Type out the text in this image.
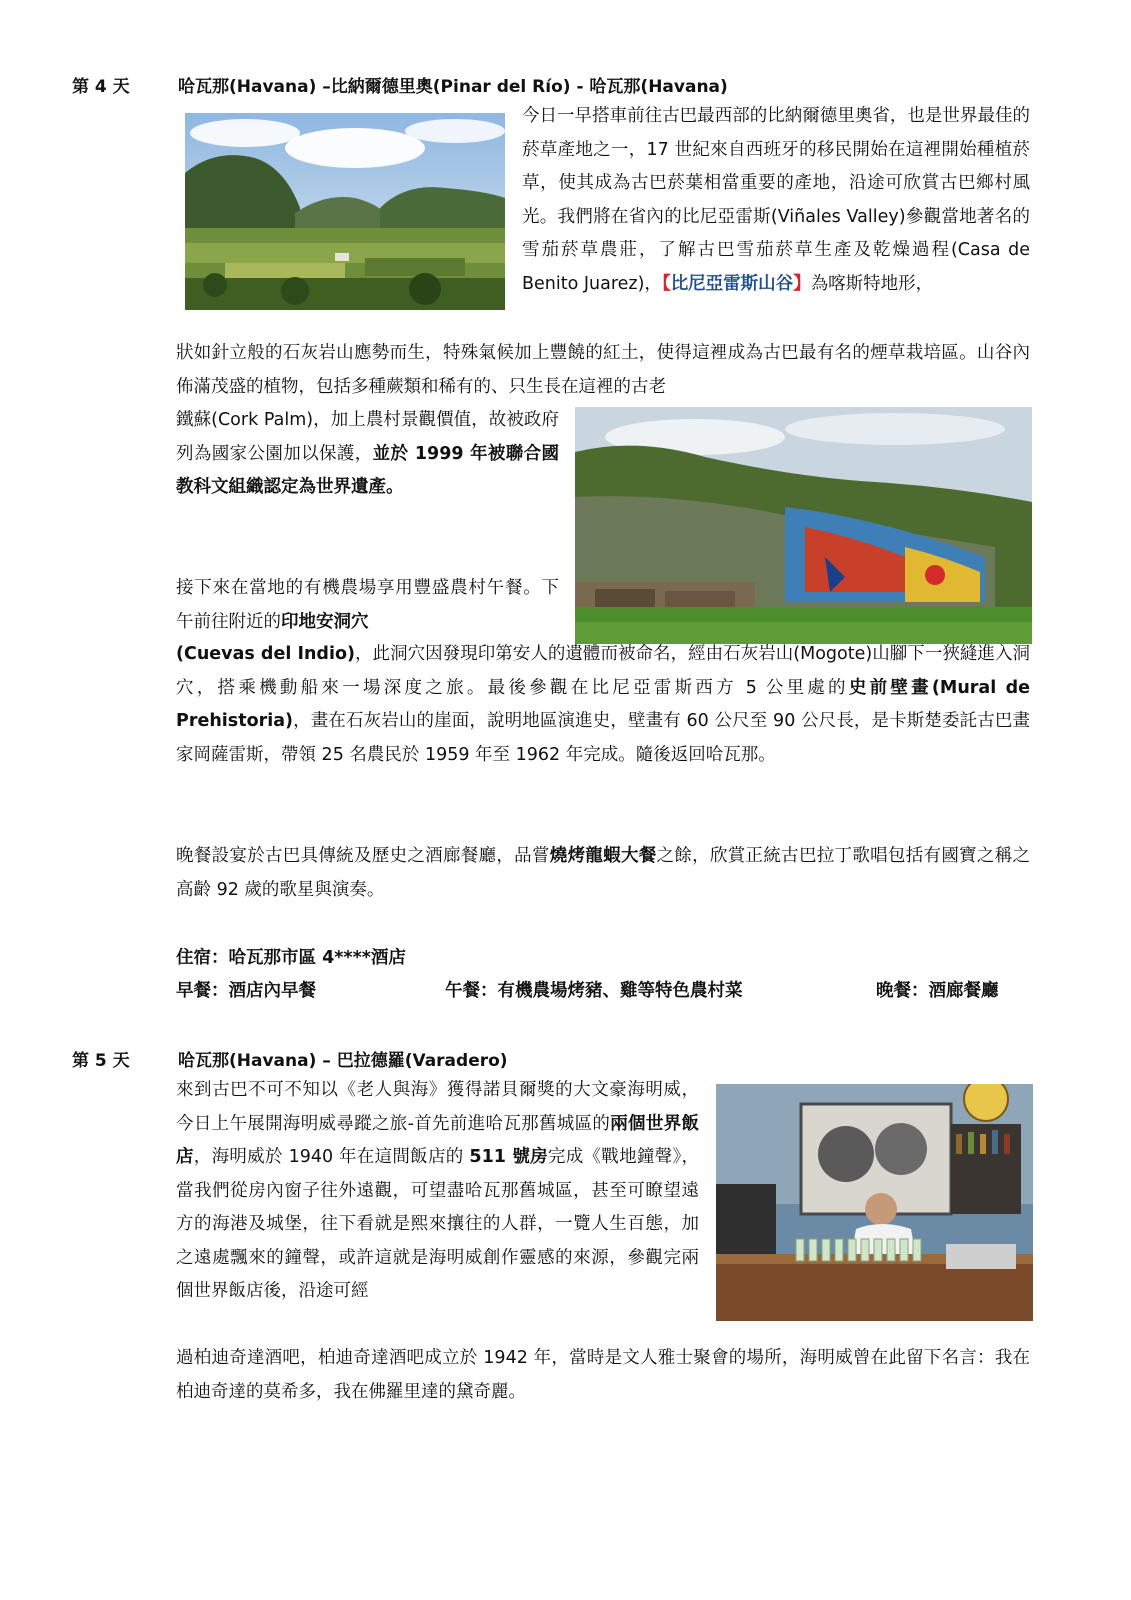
第 4 天	哈瓦那(Havana) –比納爾德里奧(Pinar del Río) - 哈瓦那(Havana)
今日一早搭車前往古巴最西部的比納爾德里奧省，也是世界最佳的菸草產地之一，17 世紀來自西班牙的移民開始在這裡開始種植菸草，使其成為古巴菸葉相當重要的產地，沿途可欣賞古巴鄉村風光。我們將在省內的比尼亞雷斯(Viñales Valley)參觀當地著名的雪茄菸草農莊，了解古巴雪茄菸草生產及乾燥過程(Casa de Benito Juarez)，【比尼亞雷斯山谷】為喀斯特地形，
狀如針立般的石灰岩山應勢而生，特殊氣候加上豐饒的紅土，使得這裡成為古巴最有名的煙草栽培區。山谷內佈滿茂盛的植物，包括多種蕨類和稀有的、只生長在這裡的古老
鐵蘇(Cork Palm)，加上農村景觀價值，故被政府列為國家公園加以保護，並於 1999 年被聯合國教科文組織認定為世界遺產。
接下來在當地的有機農場享用豐盛農村午餐。下午前往附近的印地安洞穴
(Cuevas del Indio)，此洞穴因發現印第安人的遺體而被命名，經由石灰岩山(Mogote)山腳下一狹縫進入洞穴，搭乘機動船來一場深度之旅。最後參觀在比尼亞雷斯西方 5 公里處的史前壁畫(Mural de Prehistoria)，畫在石灰岩山的崖面，說明地區演進史，壁畫有 60 公尺至 90 公尺長，是卡斯楚委託古巴畫家岡薩雷斯，帶領 25 名農民於 1959 年至 1962 年完成。隨後返回哈瓦那。
晚餐設宴於古巴具傳統及歷史之酒廊餐廳，品嘗燒烤龍蝦大餐之餘，欣賞正統古巴拉丁歌唱包括有國寶之稱之高齡 92 歲的歌星與演奏。
住宿：哈瓦那市區 4****酒店
早餐：酒店內早餐	午餐：有機農場烤豬、雞等特色農村菜	晚餐：酒廊餐廳
第 5 天	哈瓦那(Havana) – 巴拉德羅(Varadero)
來到古巴不可不知以《老人與海》獲得諾貝爾獎的大文豪海明威，今日上午展開海明威尋蹤之旅-首先前進哈瓦那舊城區的兩個世界飯店，海明威於 1940 年在這間飯店的 511 號房完成《戰地鐘聲》，當我們從房內窗子往外遠觀，可望盡哈瓦那舊城區，甚至可瞭望遠方的海港及城堡，往下看就是熙來攘往的人群，一覽人生百態，加之遠處飄來的鐘聲，或許這就是海明威創作靈感的來源，參觀完兩個世界飯店後，沿途可經
過柏迪奇達酒吧，柏迪奇達酒吧成立於 1942 年，當時是文人雅士聚會的場所，海明威曾在此留下名言：我在柏迪奇達的莫希多，我在佛羅里達的黛奇麗。
